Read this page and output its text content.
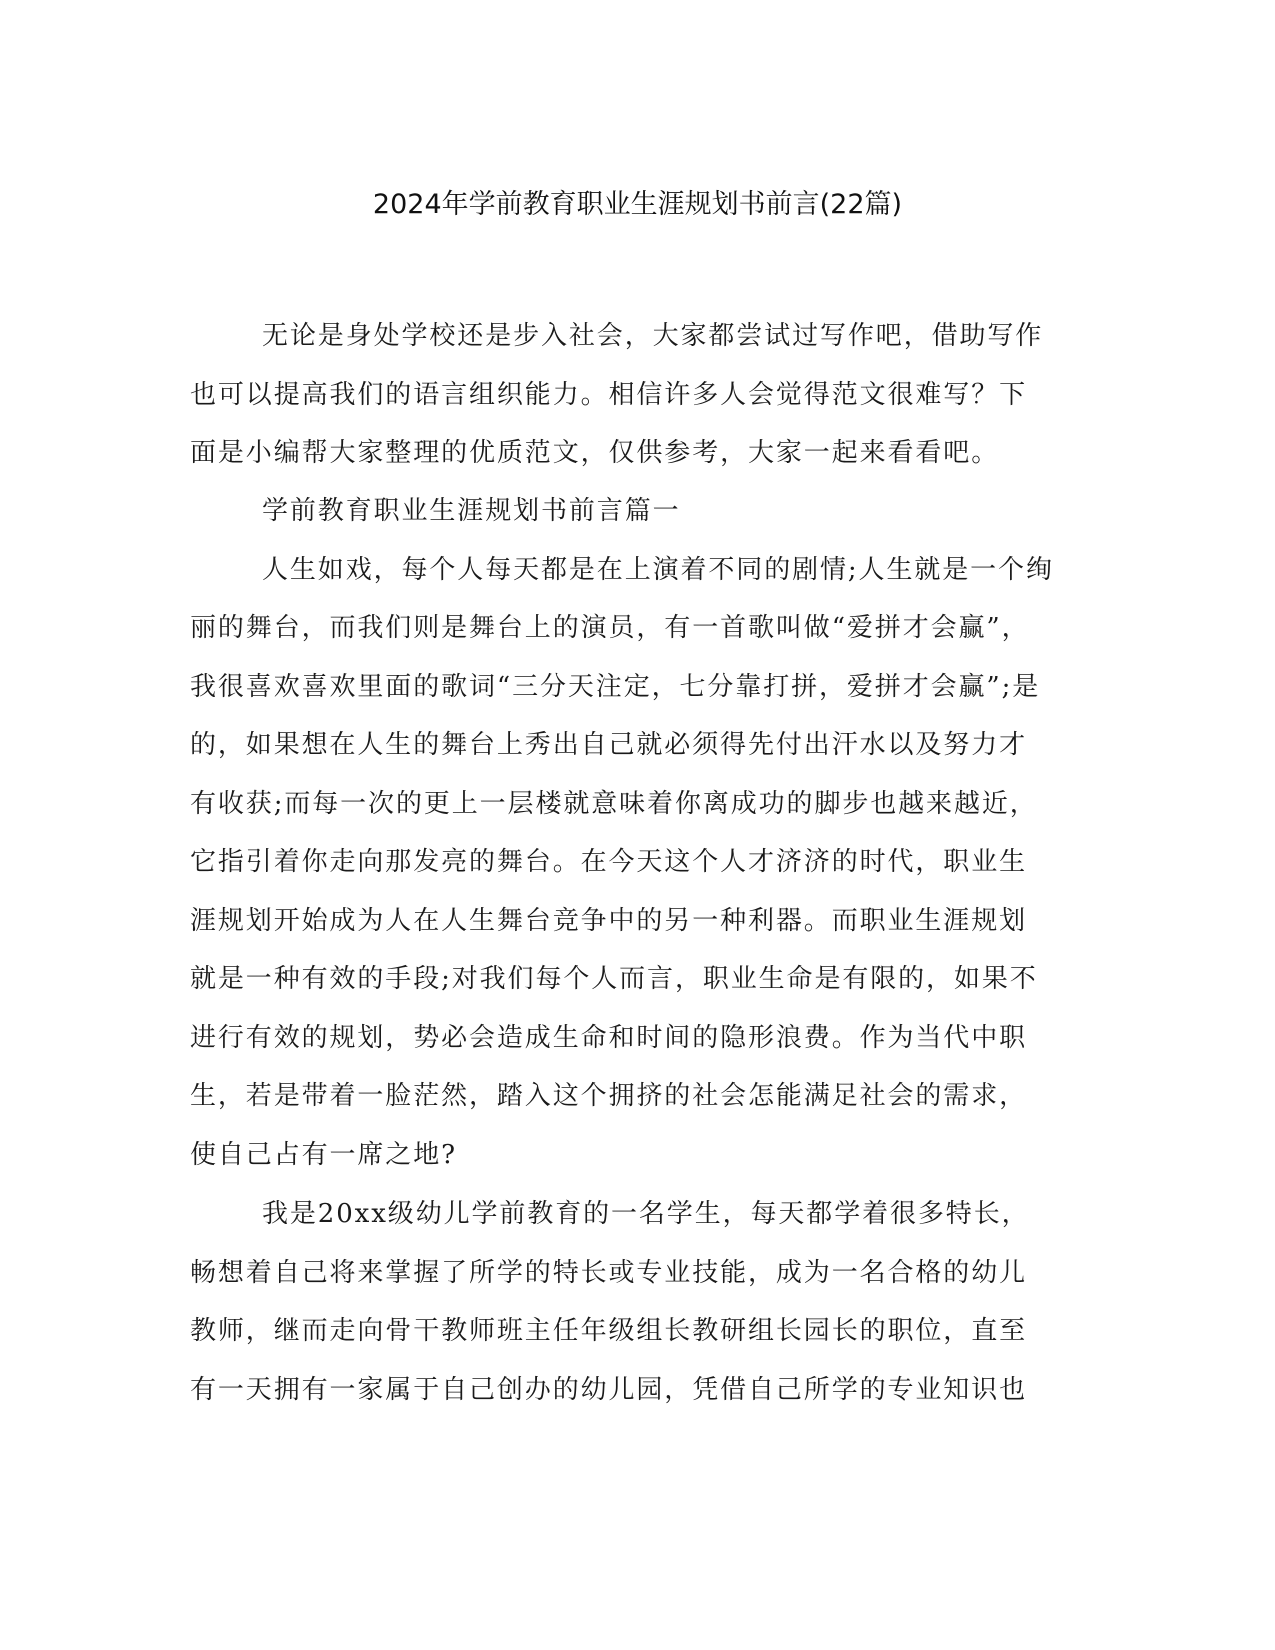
2024年学前教育职业生涯规划书前言(22篇)

无论是身处学校还是步入社会，大家都尝试过写作吧，借助写作

也可以提高我们的语言组织能力。相信许多人会觉得范文很难写？下

面是小编帮大家整理的优质范文，仅供参考，大家一起来看看吧。

学前教育职业生涯规划书前言篇一

人生如戏，每个人每天都是在上演着不同的剧情;人生就是一个绚

丽的舞台，而我们则是舞台上的演员，有一首歌叫做“爱拼才会赢”，

我很喜欢喜欢里面的歌词“三分天注定，七分靠打拼，爱拼才会赢”;是

的，如果想在人生的舞台上秀出自己就必须得先付出汗水以及努力才

有收获;而每一次的更上一层楼就意味着你离成功的脚步也越来越近，

它指引着你走向那发亮的舞台。在今天这个人才济济的时代，职业生

涯规划开始成为人在人生舞台竞争中的另一种利器。而职业生涯规划

就是一种有效的手段;对我们每个人而言，职业生命是有限的，如果不

进行有效的规划，势必会造成生命和时间的隐形浪费。作为当代中职

生，若是带着一脸茫然，踏入这个拥挤的社会怎能满足社会的需求，

使自己占有一席之地?

我是20xx级幼儿学前教育的一名学生，每天都学着很多特长，

畅想着自己将来掌握了所学的特长或专业技能，成为一名合格的幼儿

教师，继而走向骨干教师班主任年级组长教研组长园长的职位，直至

有一天拥有一家属于自己创办的幼儿园，凭借自己所学的专业知识也
